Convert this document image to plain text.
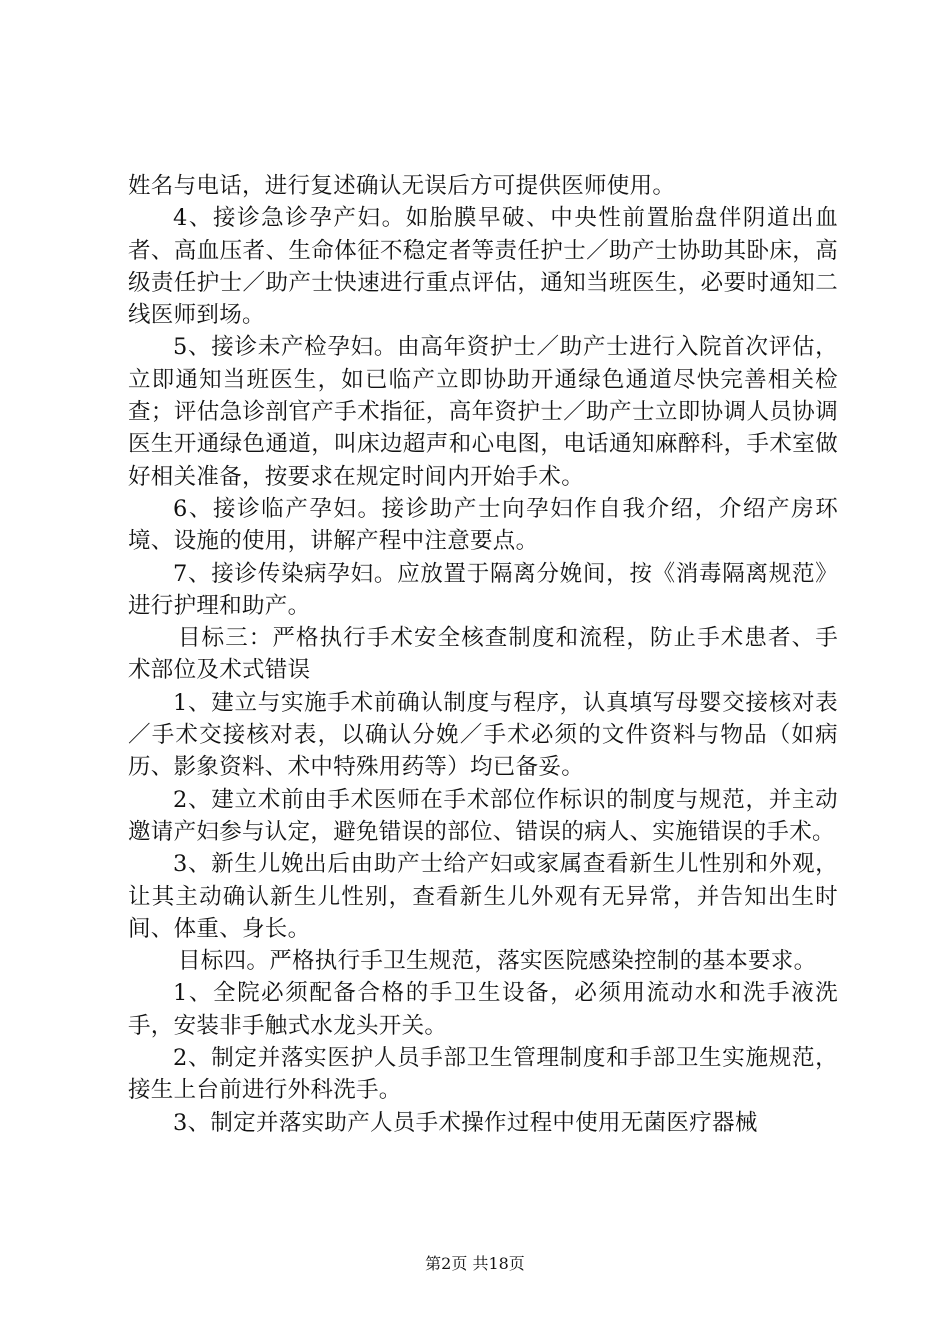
姓名与电话，进行复述确认无误后方可提供医师使用。

4、接诊急诊孕产妇。如胎膜早破、中央性前置胎盘伴阴道出血者、高血压者、生命体征不稳定者等责任护士／助产士协助其卧床，高级责任护士／助产士快速进行重点评估，通知当班医生，必要时通知二线医师到场。

5、接诊未产检孕妇。由高年资护士／助产士进行入院首次评估，立即通知当班医生，如已临产立即协助开通绿色通道尽快完善相关检查；评估急诊剖官产手术指征，高年资护士／助产士立即协调人员协调医生开通绿色通道，叫床边超声和心电图，电话通知麻醉科，手术室做好相关准备，按要求在规定时间内开始手术。

6、接诊临产孕妇。接诊助产士向孕妇作自我介绍，介绍产房环境、设施的使用，讲解产程中注意要点。

7、接诊传染病孕妇。应放置于隔离分娩间，按《消毒隔离规范》进行护理和助产。

目标三：严格执行手术安全核查制度和流程，防止手术患者、手术部位及术式错误

1、建立与实施手术前确认制度与程序，认真填写母婴交接核对表／手术交接核对表，以确认分娩／手术必须的文件资料与物品（如病历、影象资料、术中特殊用药等）均已备妥。

2、建立术前由手术医师在手术部位作标识的制度与规范，并主动邀请产妇参与认定，避免错误的部位、错误的病人、实施错误的手术。

3、新生儿娩出后由助产士给产妇或家属查看新生儿性别和外观，让其主动确认新生儿性别，查看新生儿外观有无异常，并告知出生时间、体重、身长。

目标四。严格执行手卫生规范，落实医院感染控制的基本要求。

1、全院必须配备合格的手卫生设备，必须用流动水和洗手液洗手，安装非手触式水龙头开关。

2、制定并落实医护人员手部卫生管理制度和手部卫生实施规范，接生上台前进行外科洗手。

3、制定并落实助产人员手术操作过程中使用无菌医疗器械

第2页 共18页
